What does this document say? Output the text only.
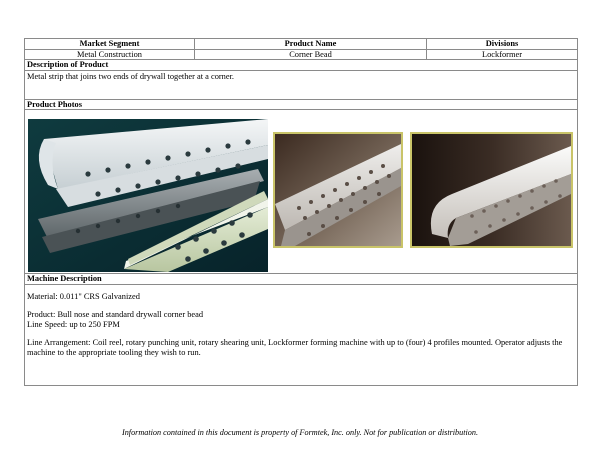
Market Segment	Product Name	Divisions
Metal Construction	Corner Bead	Lockformer
Description of Product		
Metal strip that joins two ends of drywall together at a corner.		
Product Photos		

Machine Description		

Material: 0.011" CRS Galvanized

Product: Bull nose and standard drywall corner bead

Line Speed: up to 250 FPM

Line Arrangement: Coil reel, rotary punching unit, rotary shearing unit, Lockformer forming machine with up to (four) 4 profiles mounted. Operator adjusts the machine to the appropriate tooling they wish to run.		

Information contained in this document is property of Formtek, Inc. only. Not for publication or distribution.
